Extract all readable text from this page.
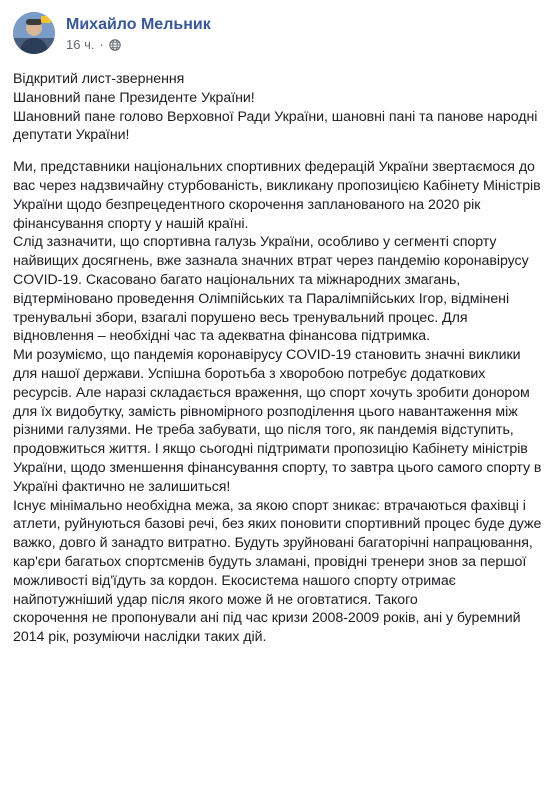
Михайло Мельник
16 ч. ·

Відкритий лист-звернення

Шановний пане Президенте України!

Шановний пане голово Верховної Ради України, шановні пані та панове народні депутати України!

Ми, представники національних спортивних федерацій України звертаємося до вас через надзвичайну стурбованість, викликану пропозицією Кабінету Міністрів України щодо безпрецедентного скорочення запланованого на 2020 рік фінансування спорту у нашій країні.

Слід зазначити, що спортивна галузь України, особливо у сегменті спорту найвищих досягнень, вже зазнала значних втрат через пандемію коронавірусу COVID-19. Скасовано багато національних та міжнародних змагань, відтерміновано проведення Олімпійських та Паралімпійських Ігор, відмінені тренувальні збори, взагалі порушено весь тренувальний процес. Для відновлення – необхідні час та адекватна фінансова підтримка.

Ми розуміємо, що пандемія коронавірусу COVID-19 становить значні виклики для нашої держави. Успішна боротьба з хворобою потребує додаткових ресурсів. Але наразі складається враження, що спорт хочуть зробити донором для їх видобутку, замість рівномірного розподілення цього навантаження між різними галузями. Не треба забувати, що після того, як пандемія відступить, продовжиться життя. І якщо сьогодні підтримати пропозицію Кабінету міністрів України, щодо зменшення фінансування спорту, то завтра цього самого спорту в Україні фактично не залишиться!

Існує мінімально необхідна межа, за якою спорт зникає: втрачаються фахівці і атлети, руйнуються базові речі, без яких поновити спортивний процес буде дуже важко, довго й занадто витратно. Будуть зруйновані багаторічні напрацювання, кар'єри багатьох спортсменів будуть зламані, провідні тренери знов за першої можливості від'їдуть за кордон. Екосистема нашого спорту отримає найпотужніший удар після якого може й не оговтатися. Такого

скорочення не пропонували ані під час кризи 2008-2009 років, ані у буремний 2014 рік, розуміючи наслідки таких дій.
